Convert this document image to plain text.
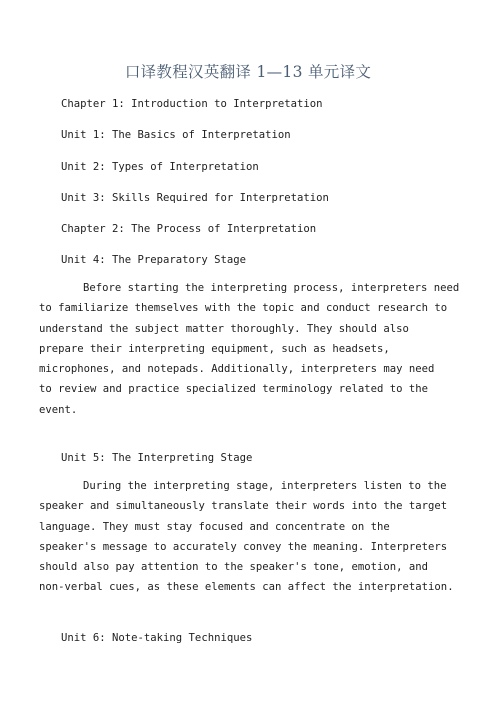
口译教程汉英翻译 1—13 单元译文
Chapter 1: Introduction to Interpretation
Unit 1: The Basics of Interpretation
Unit 2: Types of Interpretation
Unit 3: Skills Required for Interpretation
Chapter 2: The Process of Interpretation
Unit 4: The Preparatory Stage
Before starting the interpreting process, interpreters need
to familiarize themselves with the topic and conduct research to
understand the subject matter thoroughly. They should also
prepare their interpreting equipment, such as headsets,
microphones, and notepads. Additionally, interpreters may need
to review and practice specialized terminology related to the
event.
Unit 5: The Interpreting Stage
During the interpreting stage, interpreters listen to the
speaker and simultaneously translate their words into the target
language. They must stay focused and concentrate on the
speaker's message to accurately convey the meaning. Interpreters
should also pay attention to the speaker's tone, emotion, and
non-verbal cues, as these elements can affect the interpretation.
Unit 6: Note-taking Techniques
